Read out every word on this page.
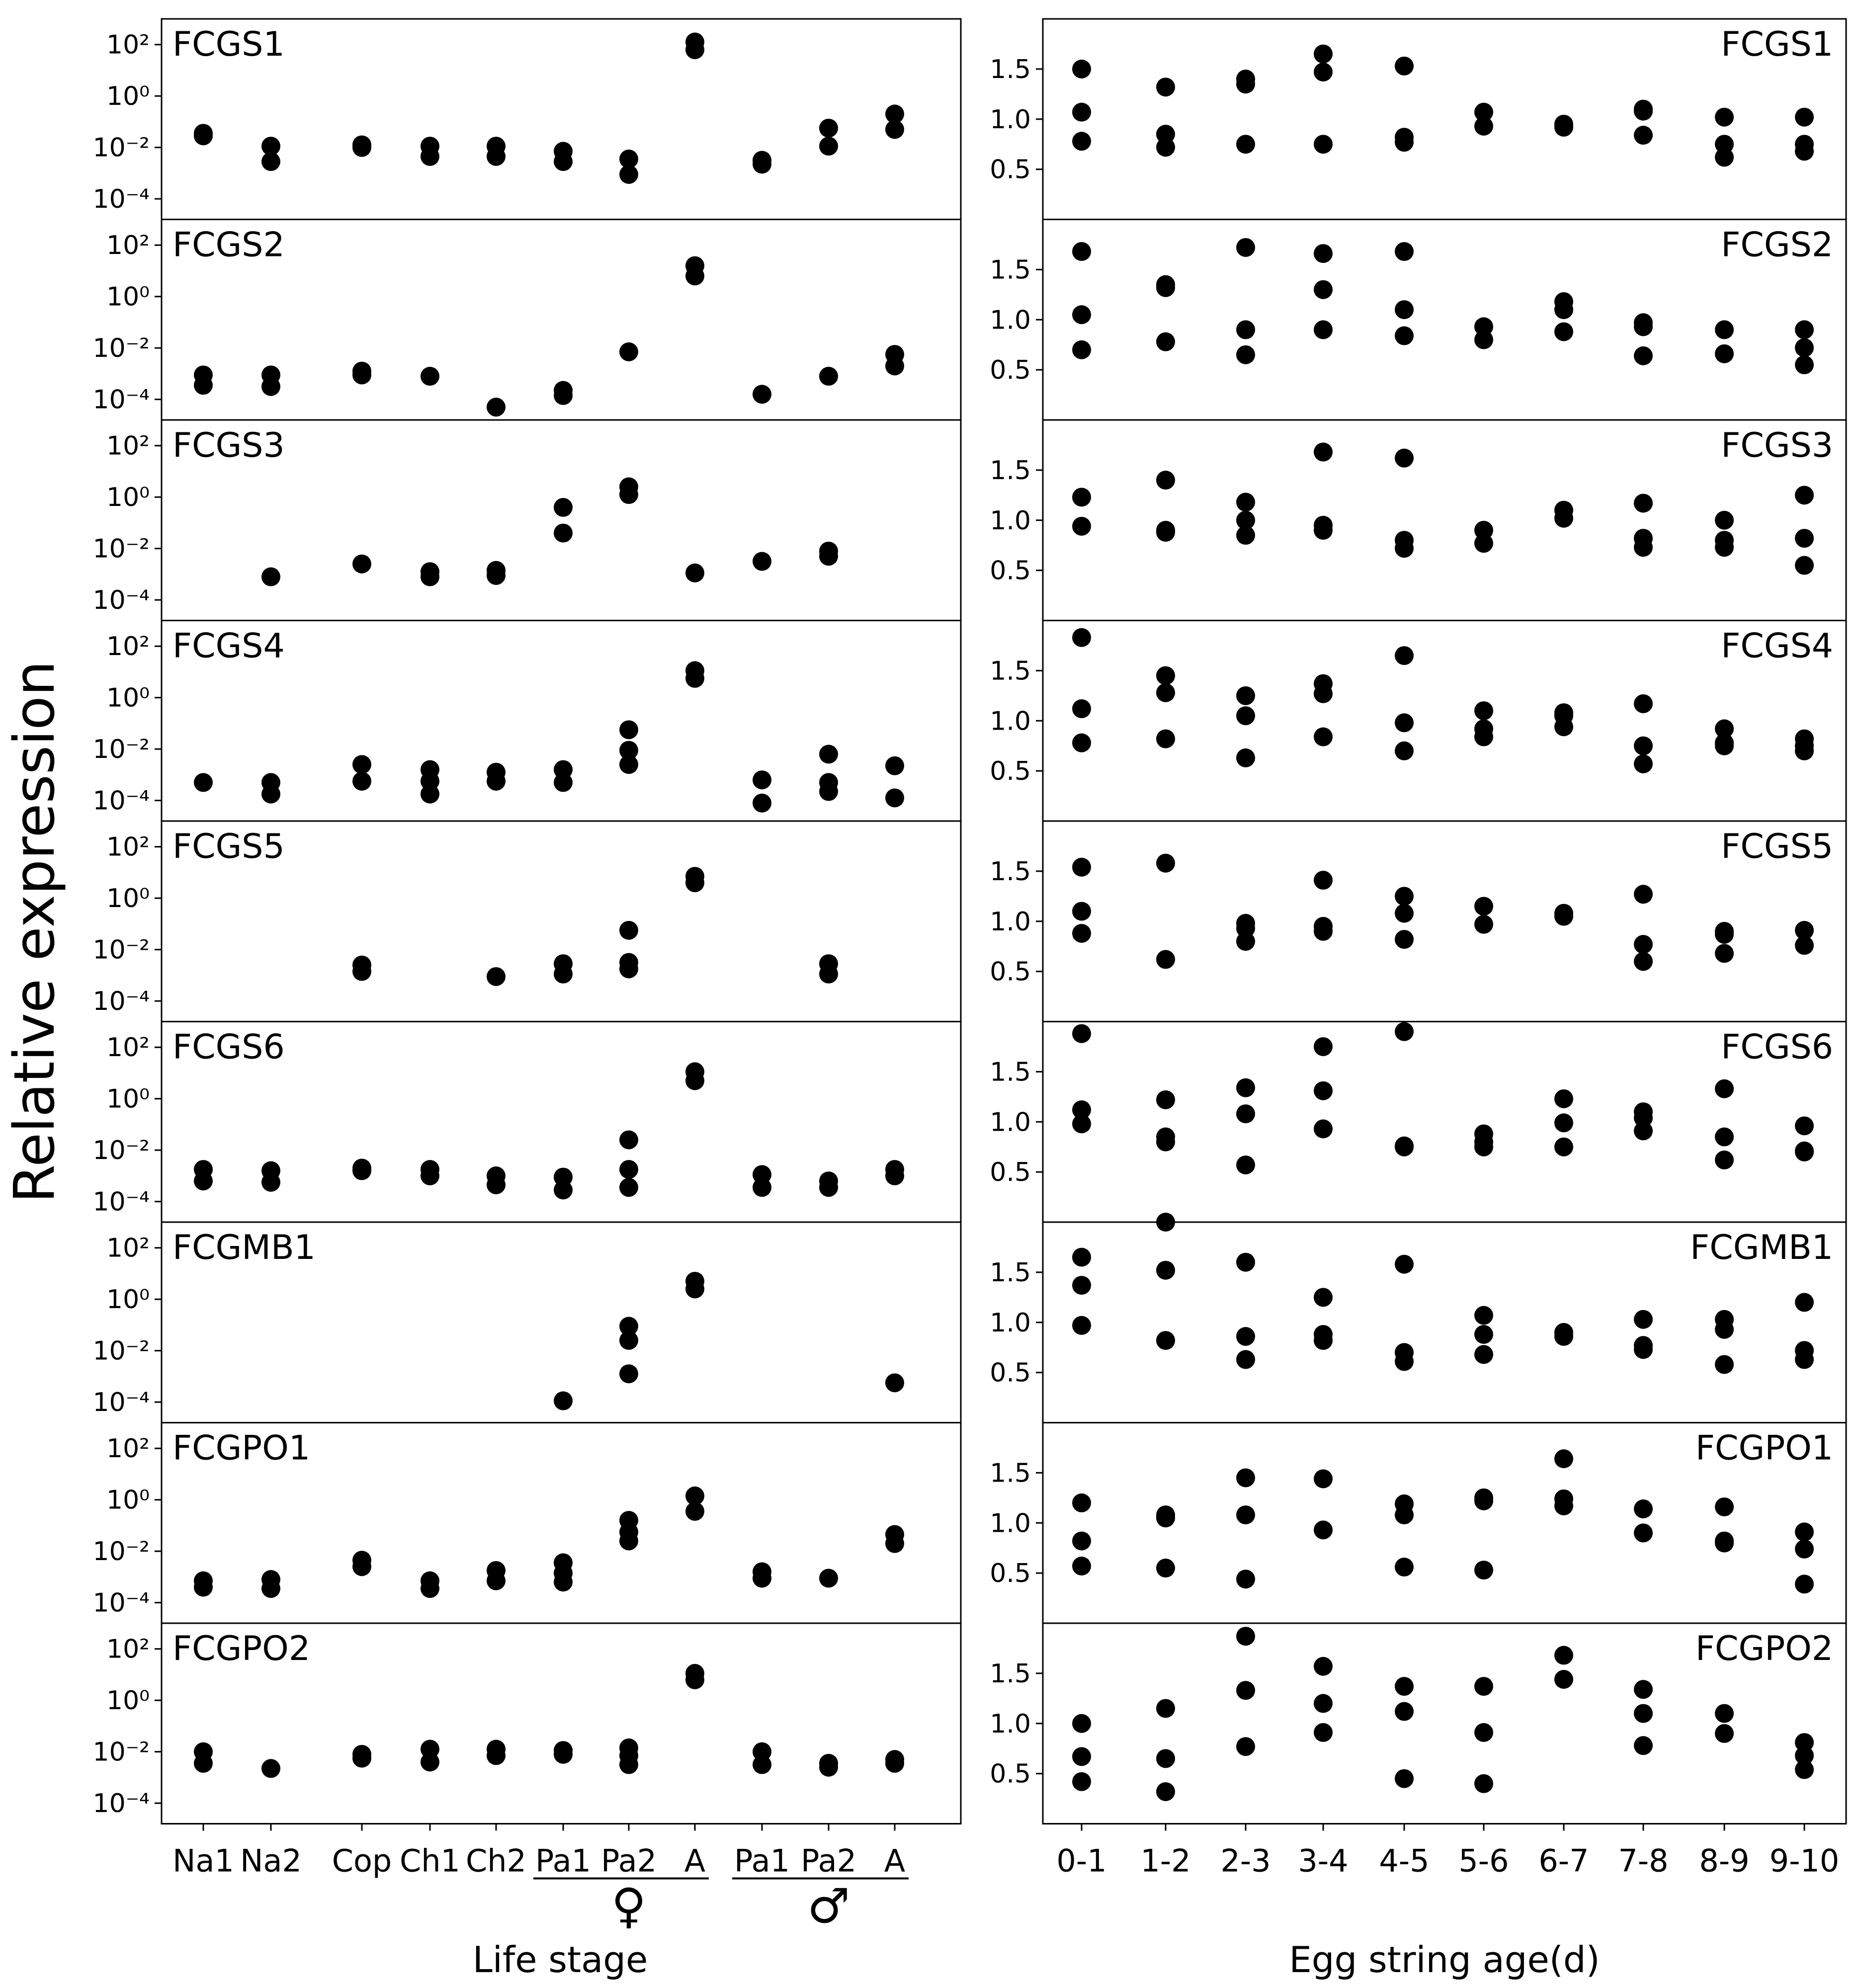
10²
10⁰
10⁻²
10⁻⁴
FCGS1
1.5
1.0
0.5
FCGS1
10²
10⁰
10⁻²
10⁻⁴
FCGS2
1.5
1.0
0.5
FCGS2
10²
10⁰
10⁻²
10⁻⁴
FCGS3
1.5
1.0
0.5
FCGS3
10²
10⁰
10⁻²
10⁻⁴
FCGS4
1.5
1.0
0.5
FCGS4
10²
10⁰
10⁻²
10⁻⁴
FCGS5
1.5
1.0
0.5
FCGS5
10²
10⁰
10⁻²
10⁻⁴
FCGS6
1.5
1.0
0.5
FCGS6
10²
10⁰
10⁻²
10⁻⁴
FCGMB1
1.5
1.0
0.5
FCGMB1
10²
10⁰
10⁻²
10⁻⁴
FCGPO1
1.5
1.0
0.5
FCGPO1
10²
10⁰
10⁻²
10⁻⁴
FCGPO2
1.5
1.0
0.5
FCGPO2
Na1 Na2 Cop Ch1 Ch2 Pa1 Pa2 A Pa1 Pa2 A	0-1 1-2 2-3 3-4 4-5 5-6 6-7 7-8 8-9 9-10
Relative expression
Life stage	Egg string age(d)
♀	♂
